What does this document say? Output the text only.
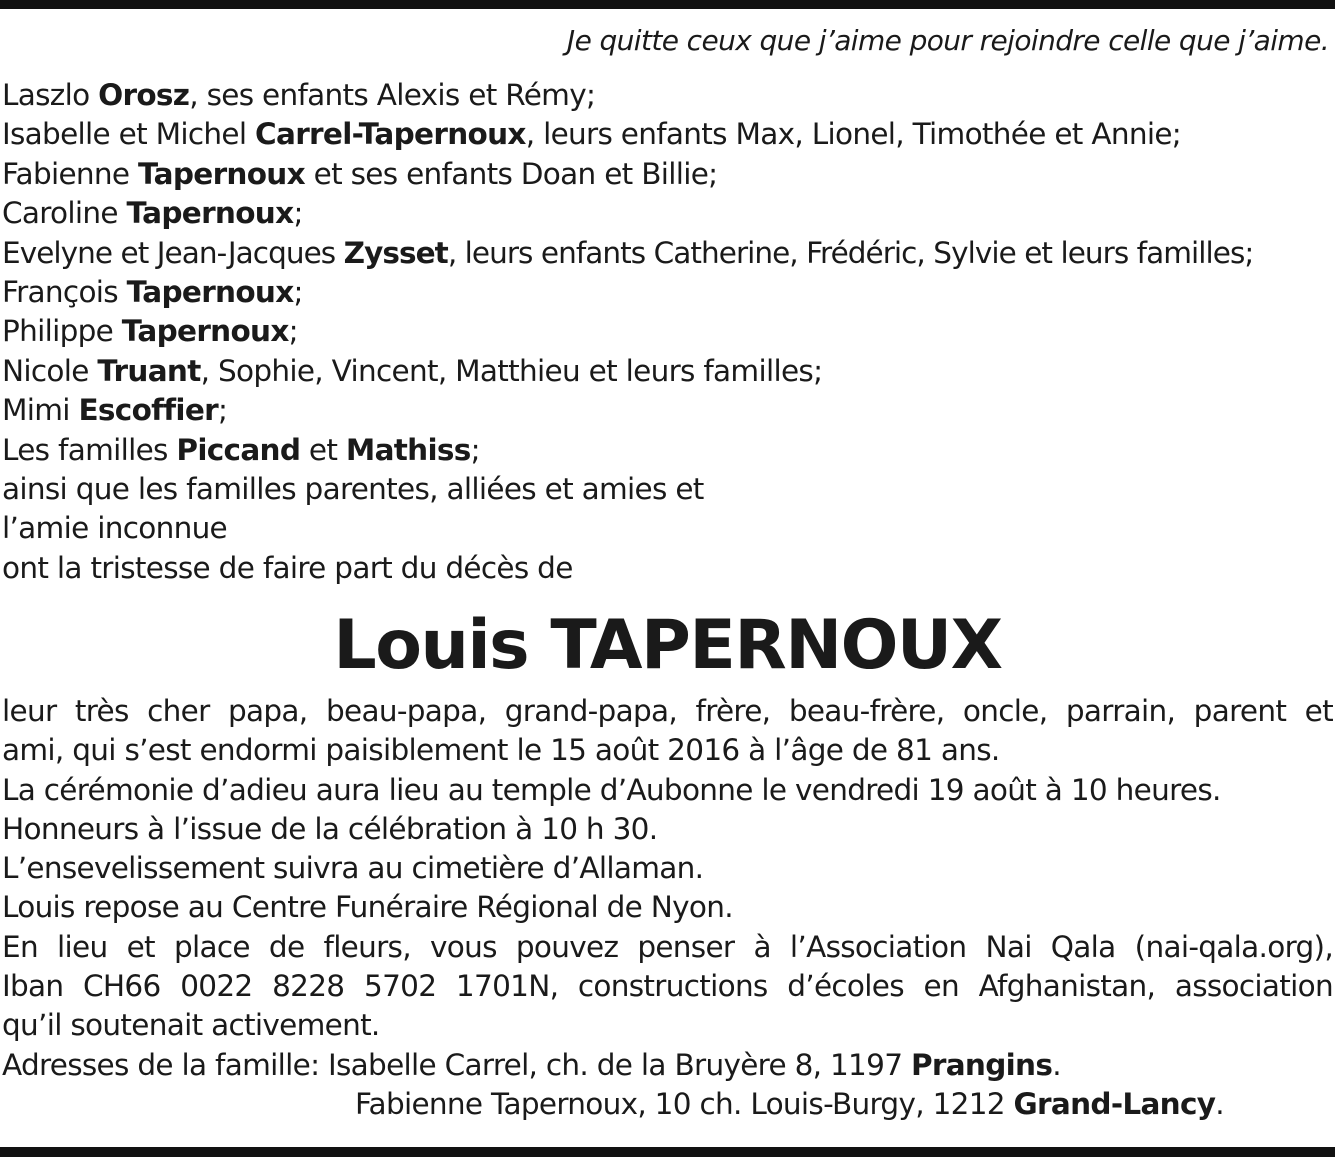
Je quitte ceux que j’aime pour rejoindre celle que j’aime.
Laszlo Orosz, ses enfants Alexis et Rémy;
Isabelle et Michel Carrel-Tapernoux, leurs enfants Max, Lionel, Timothée et Annie;
Fabienne Tapernoux et ses enfants Doan et Billie;
Caroline Tapernoux;
Evelyne et Jean-Jacques Zysset, leurs enfants Catherine, Frédéric, Sylvie et leurs familles;
François Tapernoux;
Philippe Tapernoux;
Nicole Truant, Sophie, Vincent, Matthieu et leurs familles;
Mimi Escoffier;
Les familles Piccand et Mathiss;
ainsi que les familles parentes, alliées et amies et
l’amie inconnue
ont la tristesse de faire part du décès de
Louis TAPERNOUX
leur très cher papa, beau-papa, grand-papa, frère, beau-frère, oncle, parrain, parent et
ami, qui s’est endormi paisiblement le 15 août 2016 à l’âge de 81 ans.
La cérémonie d’adieu aura lieu au temple d’Aubonne le vendredi 19 août à 10 heures.
Honneurs à l’issue de la célébration à 10 h 30.
L’ensevelissement suivra au cimetière d’Allaman.
Louis repose au Centre Funéraire Régional de Nyon.
En lieu et place de fleurs, vous pouvez penser à l’Association Nai Qala (nai-qala.org),
Iban CH66 0022 8228 5702 1701N, constructions d’écoles en Afghanistan, association
qu’il soutenait activement.
Adresses de la famille: Isabelle Carrel, ch. de la Bruyère 8, 1197 Prangins.
Fabienne Tapernoux, 10 ch. Louis-Burgy, 1212 Grand-Lancy.
